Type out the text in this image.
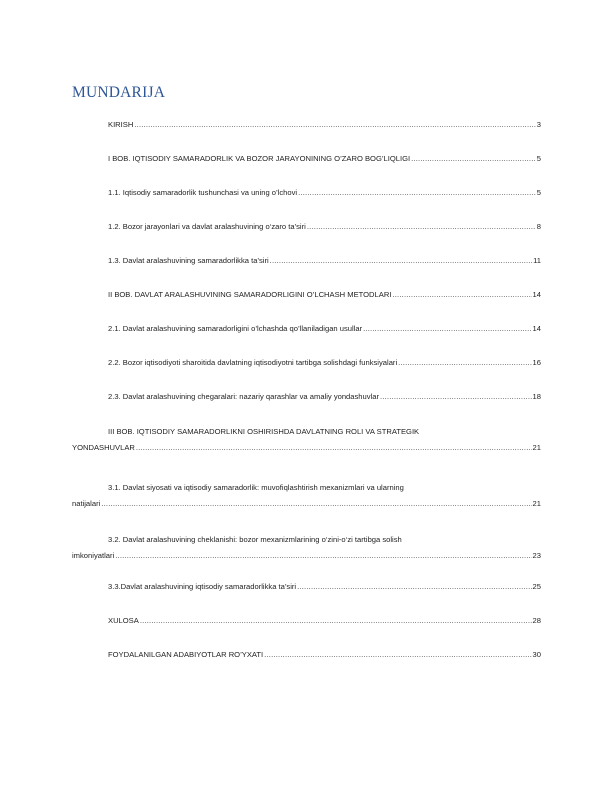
MUNDARIJA
KIRISH .....	3
I BOB. IQTISODIY SAMARADORLIK VA BOZOR JARAYONINING O’ZARO BOG’LIQLIGI .....	5
1.1. Iqtisodiy samaradorlik tushunchasi va uning o’lchovi .....	5
1.2. Bozor jarayonlari va davlat aralashuvining o‘zaro ta’siri .....	8
1.3. Davlat aralashuvining samaradorlikka ta’siri .....	11
II BOB. DAVLAT ARALASHUVINING SAMARADORLIGINI O’LCHASH METODLARI .....	14
2.1. Davlat aralashuvining samaradorligini o’lchashda qo’llaniladigan usullar .....	14
2.2. Bozor iqtisodiyoti sharoitida davlatning iqtisodiyotni tartibga solishdagi funksiyalari .....	16
2.3. Davlat aralashuvining chegaralari: nazariy qarashlar va amaliy yondashuvlar .....	18
III BOB. IQTISODIY SAMARADORLIKNI OSHIRISHDA DAVLATNING ROLI VA STRATEGIK
YONDASHUVLAR .....	21
3.1. Davlat siyosati va iqtisodiy samaradorlik: muvofiqlashtirish mexanizmlari va ularning
natijalari .....	21
3.2. Davlat aralashuvining cheklanishi: bozor mexanizmlarining o‘zini-o‘zi tartibga solish
imkoniyatlari .....	23
3.3.Davlat aralashuvining iqtisodiy samaradorlikka ta’siri .....	25
XULOSA .....	28
FOYDALANILGAN ADABIYOTLAR RO’YXATI .....	30
